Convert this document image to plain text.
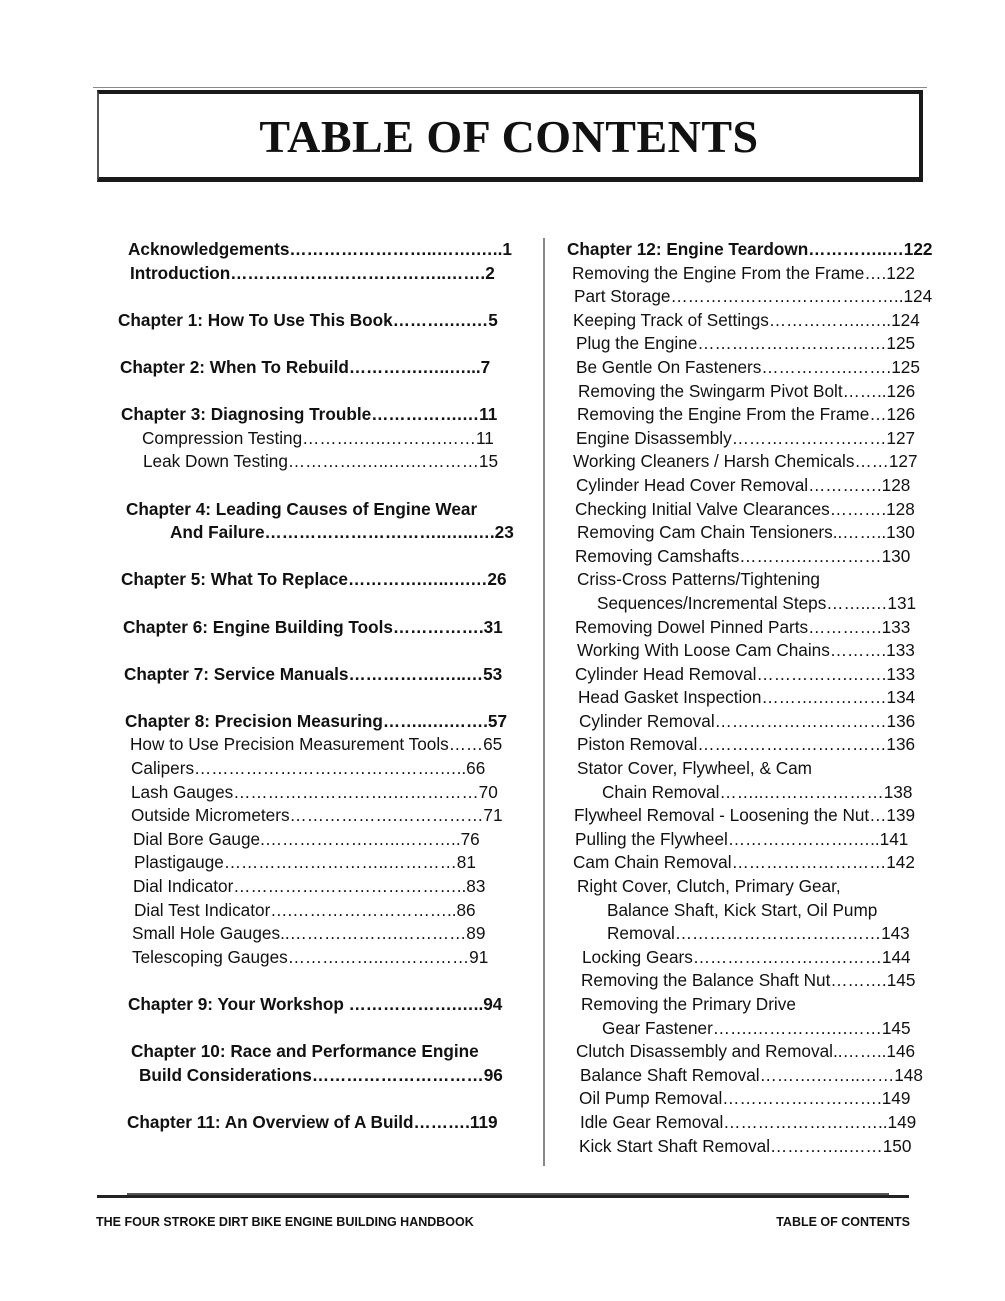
TABLE OF CONTENTS
Acknowledgements……………………..…….…..1
Introduction………………………………..…….2
Chapter 1: How To Use This Book……….….…5
Chapter 2: When To Rebuild………….…..…...7
Chapter 3: Diagnosing Trouble…………….…11
Compression Testing……….…..……….……11
Leak Down Testing………….…..….…………15
Chapter 4: Leading Causes of Engine Wear
And Failure…………………………..…..….23
Chapter 5: What To Replace………….…..….…26
Chapter 6: Engine Building Tools…………….31
Chapter 7: Service Manuals…………….…..…53
Chapter 8: Precision Measuring……..….…….57
How to Use Precision Measurement Tools……65
Calipers…………………………………….…..66
Lash Gauges……………………….……………70
Outside Micrometers……………….……………71
Dial Bore Gauge.……………….…..………..76
Plastigauge………………………..…………81
Dial Indicator…………………………………..83
Dial Test Indicator….………………………..86
Small Hole Gauges..……………….…………89
Telescoping Gauges……………..……………91
Chapter 9: Your Workshop ……………….…..94
Chapter 10: Race and Performance Engine
Build Considerations…………………………96
Chapter 11: An Overview of A Build……….119
Chapter 12: Engine Teardown…………..…122
Removing the Engine From the Frame….122
Part Storage…………………………………..124
Keeping Track of Settings……………..…..124
Plug the Engine……………………………125
Be Gentle On Fasteners…………….…….125
Removing the Swingarm Pivot Bolt……..126
Removing the Engine From the Frame…126
Engine Disassembly………………………127
Working Cleaners / Harsh Chemicals……127
Cylinder Head Cover Removal………….128
Checking Initial Valve Clearances……….128
Removing Cam Chain Tensioners..……..130
Removing Camshafts……….……………130
Criss-Cross Patterns/Tightening
Sequences/Incremental Steps……..…131
Removing Dowel Pinned Parts………….133
Working With Loose Cam Chains……….133
Cylinder Head Removal…………….…….133
Head Gasket Inspection……….…………134
Cylinder Removal…………………………136
Piston Removal……………………………136
Stator Cover, Flywheel, & Cam
Chain Removal……..…………………138
Flywheel Removal - Loosening the Nut…139
Pulling the Flywheel………………….…..141
Cam Chain Removal………………………142
Right Cover, Clutch, Primary Gear,
Balance Shaft, Kick Start, Oil Pump
Removal………………………………143
Locking Gears……………………………144
Removing the Balance Shaft Nut……….145
Removing the Primary Drive
Gear Fastener…….………….….……145
Clutch Disassembly and Removal..……..146
Balance Shaft Removal……….……..……148
Oil Pump Removal……………………….149
Idle Gear Removal………………………..149
Kick Start Shaft Removal…………..……150
THE FOUR STROKE DIRT BIKE ENGINE BUILDING HANDBOOK	TABLE OF CONTENTS
